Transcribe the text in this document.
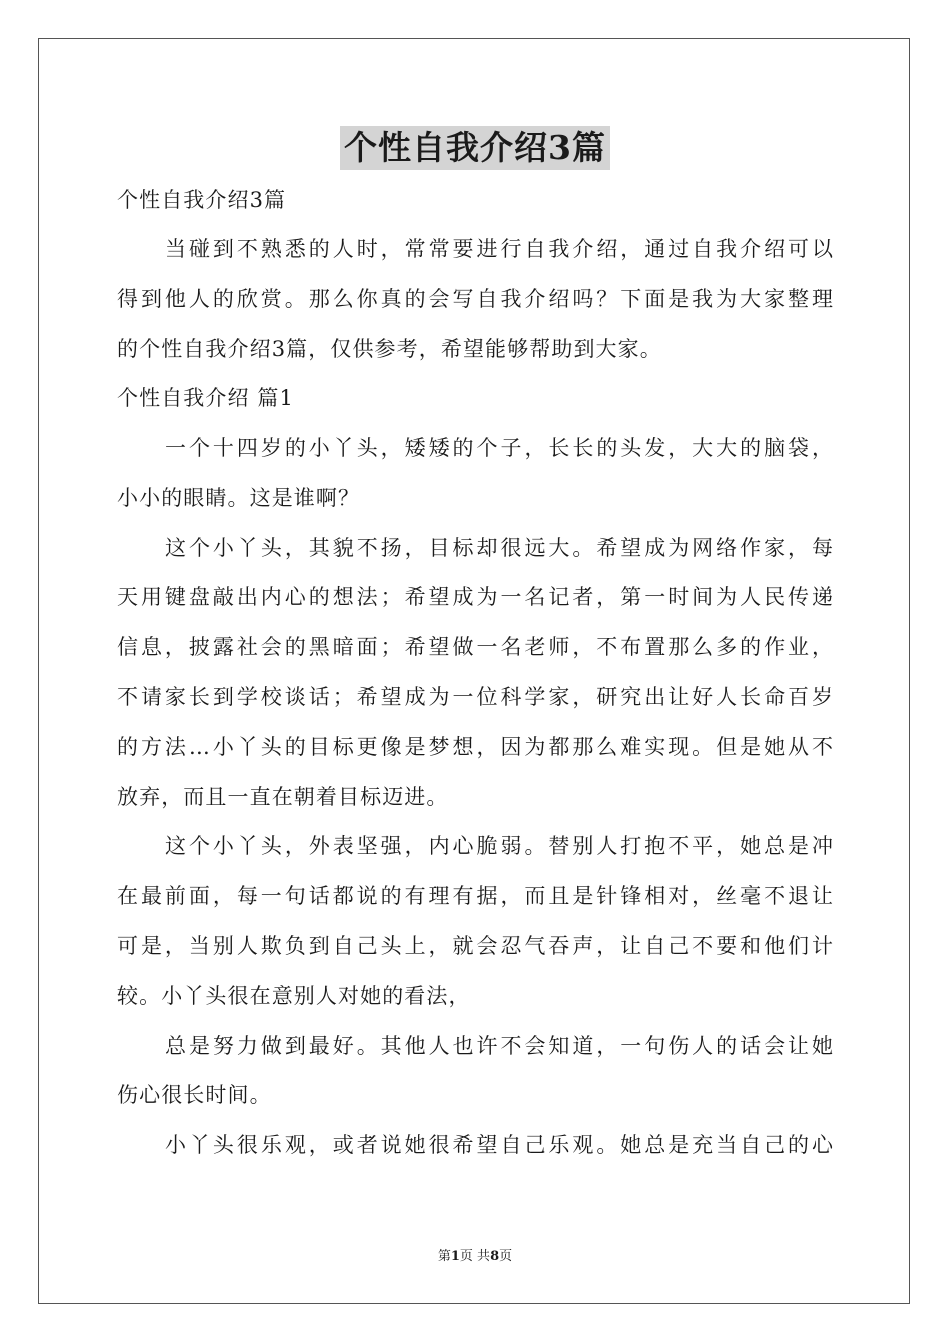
个性自我介绍3篇
个性自我介绍3篇
当碰到不熟悉的人时，常常要进行自我介绍，通过自我介绍可以
得到他人的欣赏。那么你真的会写自我介绍吗？下面是我为大家整理
的个性自我介绍3篇，仅供参考，希望能够帮助到大家。
个性自我介绍 篇1
一个十四岁的小丫头，矮矮的个子，长长的头发，大大的脑袋，
小小的眼睛。这是谁啊？
这个小丫头，其貌不扬，目标却很远大。希望成为网络作家，每
天用键盘敲出内心的想法；希望成为一名记者，第一时间为人民传递
信息，披露社会的黑暗面；希望做一名老师，不布置那么多的作业，
不请家长到学校谈话；希望成为一位科学家，研究出让好人长命百岁
的方法…小丫头的目标更像是梦想，因为都那么难实现。但是她从不
放弃，而且一直在朝着目标迈进。
这个小丫头，外表坚强，内心脆弱。替别人打抱不平，她总是冲
在最前面，每一句话都说的有理有据，而且是针锋相对，丝毫不退让
可是，当别人欺负到自己头上，就会忍气吞声，让自己不要和他们计
较。小丫头很在意别人对她的看法，
总是努力做到最好。其他人也许不会知道，一句伤人的话会让她
伤心很长时间。
小丫头很乐观，或者说她很希望自己乐观。她总是充当自己的心
第1页 共8页
